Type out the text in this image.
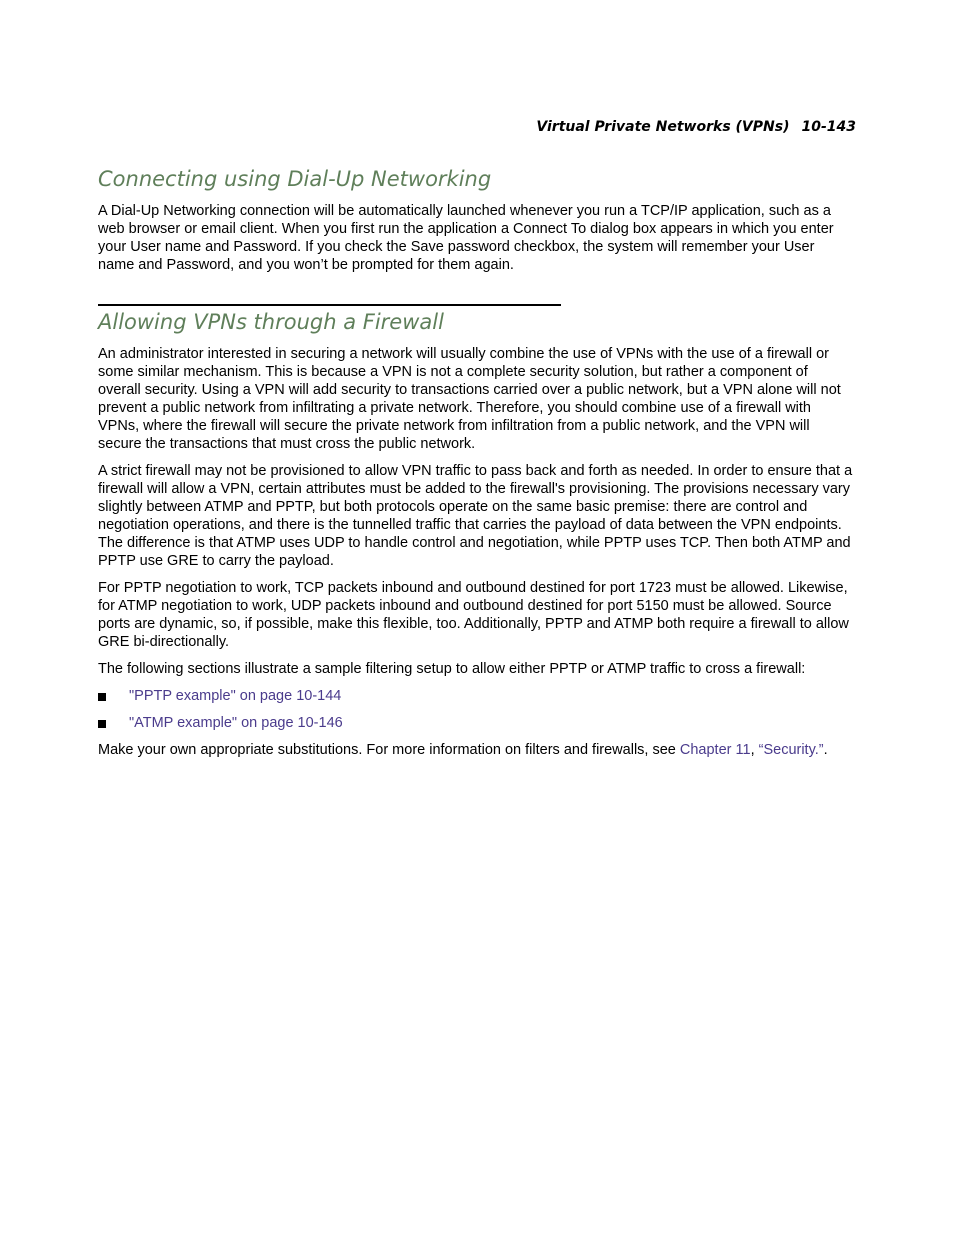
Virtual Private Networks (VPNs) 10-143
Connecting using Dial-Up Networking

A Dial-Up Networking connection will be automatically launched whenever you run a TCP/IP application, such as a web browser or email client. When you first run the application a Connect To dialog box appears in which you enter your User name and Password. If you check the Save password checkbox, the system will remember your User name and Password, and you won’t be prompted for them again.

Allowing VPNs through a Firewall

An administrator interested in securing a network will usually combine the use of VPNs with the use of a firewall or some similar mechanism. This is because a VPN is not a complete security solution, but rather a component of overall security. Using a VPN will add security to transactions carried over a public network, but a VPN alone will not prevent a public network from infiltrating a private network. Therefore, you should combine use of a firewall with VPNs, where the firewall will secure the private network from infiltration from a public network, and the VPN will secure the transactions that must cross the public network.

A strict firewall may not be provisioned to allow VPN traffic to pass back and forth as needed. In order to ensure that a firewall will allow a VPN, certain attributes must be added to the firewall's provisioning. The provisions necessary vary slightly between ATMP and PPTP, but both protocols operate on the same basic premise: there are control and negotiation operations, and there is the tunnelled traffic that carries the payload of data between the VPN endpoints. The difference is that ATMP uses UDP to handle control and negotiation, while PPTP uses TCP. Then both ATMP and PPTP use GRE to carry the payload.

For PPTP negotiation to work, TCP packets inbound and outbound destined for port 1723 must be allowed. Likewise, for ATMP negotiation to work, UDP packets inbound and outbound destined for port 5150 must be allowed. Source ports are dynamic, so, if possible, make this flexible, too. Additionally, PPTP and ATMP both require a firewall to allow GRE bi-directionally.

The following sections illustrate a sample filtering setup to allow either PPTP or ATMP traffic to cross a firewall:

"PPTP example" on page 10-144
"ATMP example" on page 10-146

Make your own appropriate substitutions. For more information on filters and firewalls, see Chapter 11, “Security.”.
